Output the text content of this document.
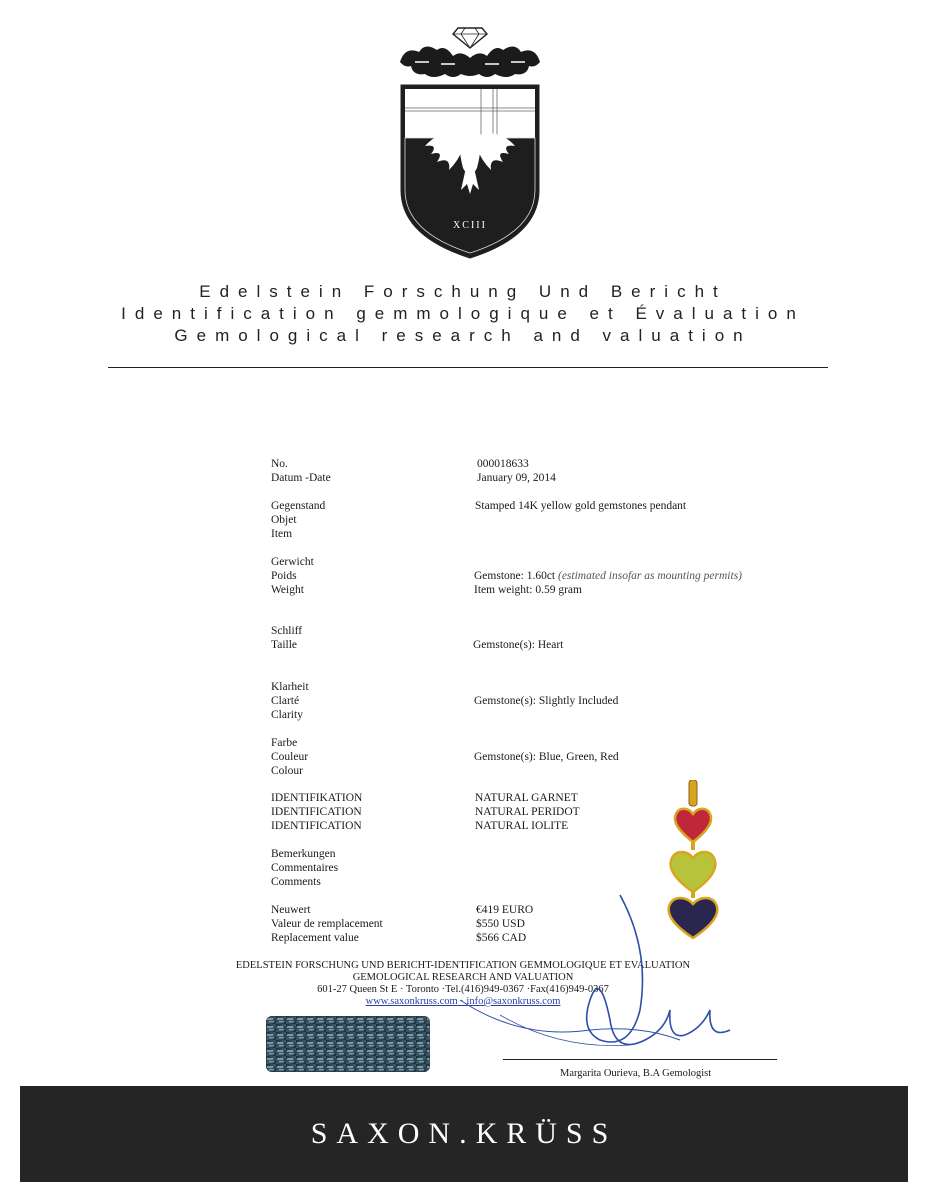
XCIII
Edelstein Forschung Und Bericht
Identification gemmologique et Évaluation
Gemological research and valuation
No.
Datum -Date
000018633
January 09, 2014
Gegenstand
Objet
Item
Stamped 14K yellow gold gemstones pendant
Gerwicht
Poids
Weight
Gemstone: 1.60ct (estimated insofar as mounting permits)
Item weight: 0.59 gram
Schliff
Taille	Gemstone(s): Heart
Klarheit
Clarté
Clarity
Gemstone(s): Slightly Included
Farbe
Couleur
Colour
Gemstone(s): Blue, Green, Red
IDENTIFIKATION
IDENTIFICATION
IDENTIFICATION
NATURAL GARNET
NATURAL PERIDOT
NATURAL IOLITE
Bemerkungen
Commentaires
Comments
Neuwert
Valeur de remplacement
Replacement value
€419 EURO
$550 USD
$566 CAD
EDELSTEIN FORSCHUNG UND BERICHT-IDENTIFICATION GEMMOLOGIQUE ET EVALUATION
GEMOLOGICAL RESEARCH AND VALUATION
601-27 Queen St E · Toronto ·Tel.(416)949-0367 ·Fax(416)949-0367
www.saxonkruss.com · info@saxonkruss.com
Margarita Ourieva, B.A Gemologist
SAXON.KRÜSS
